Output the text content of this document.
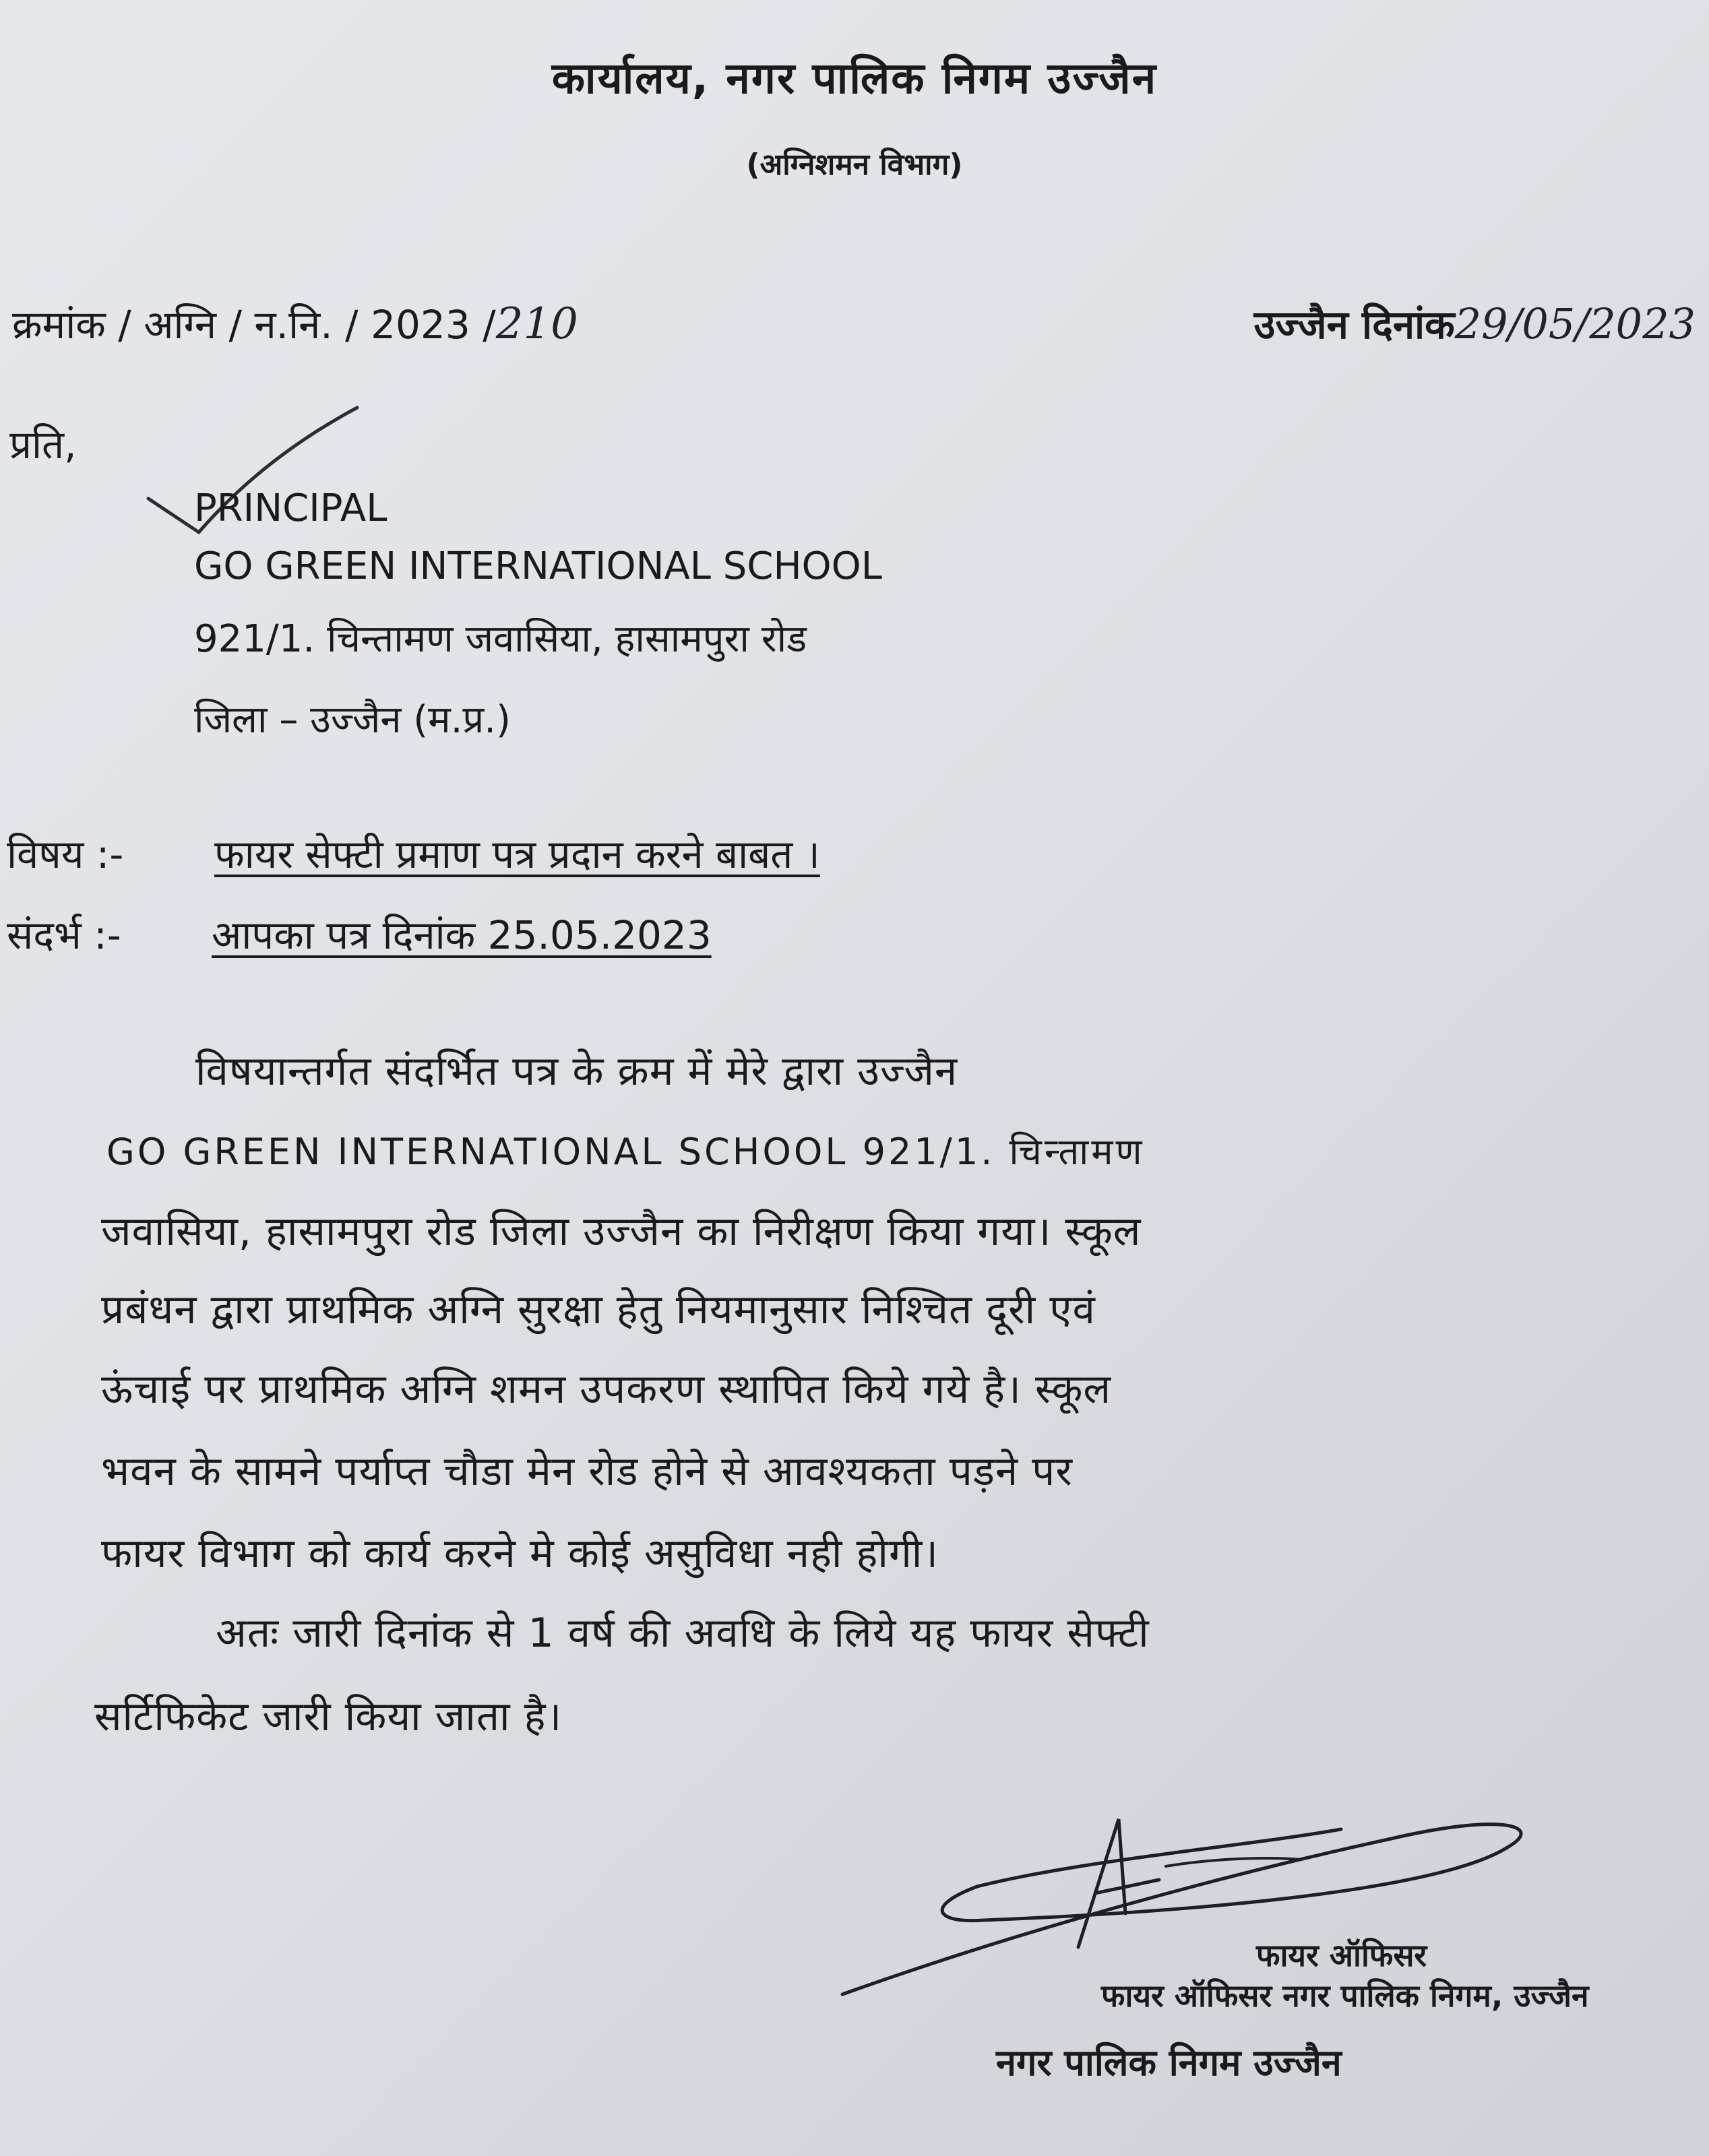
कार्यालय, नगर पालिक निगम उज्जैन
(अग्निशमन विभाग)
क्रमांक / अग्नि / न.नि. / 2023 /210	उज्जैन दिनांक29/05/2023
प्रति,
PRINCIPAL
GO GREEN INTERNATIONAL SCHOOL
921/1. चिन्तामण जवासिया, हासामपुरा रोड
जिला – उज्जैन (म.प्र.)
विषय :- फायर सेफ्टी प्रमाण पत्र प्रदान करने बाबत ।
संदर्भ :- आपका पत्र दिनांक 25.05.2023
विषयान्तर्गत संदर्भित पत्र के क्रम में मेरे द्वारा उज्जैन
GO GREEN INTERNATIONAL SCHOOL 921/1. चिन्तामण
जवासिया, हासामपुरा रोड जिला उज्जैन का निरीक्षण किया गया। स्कूल
प्रबंधन द्वारा प्राथमिक अग्नि सुरक्षा हेतु नियमानुसार निश्चित दूरी एवं
ऊंचाई पर प्राथमिक अग्नि शमन उपकरण स्थापित किये गये है। स्कूल
भवन के सामने पर्याप्त चौडा मेन रोड होने से आवश्यकता पड़ने पर
फायर विभाग को कार्य करने मे कोई असुविधा नही होगी।
अतः जारी दिनांक से 1 वर्ष की अवधि के लिये यह फायर सेफ्टी
सर्टिफिकेट जारी किया जाता है।
फायर ऑफिसर
फायर ऑफिसर नगर पालिक निगम, उज्जैन
नगर पालिक निगम उज्जैन
